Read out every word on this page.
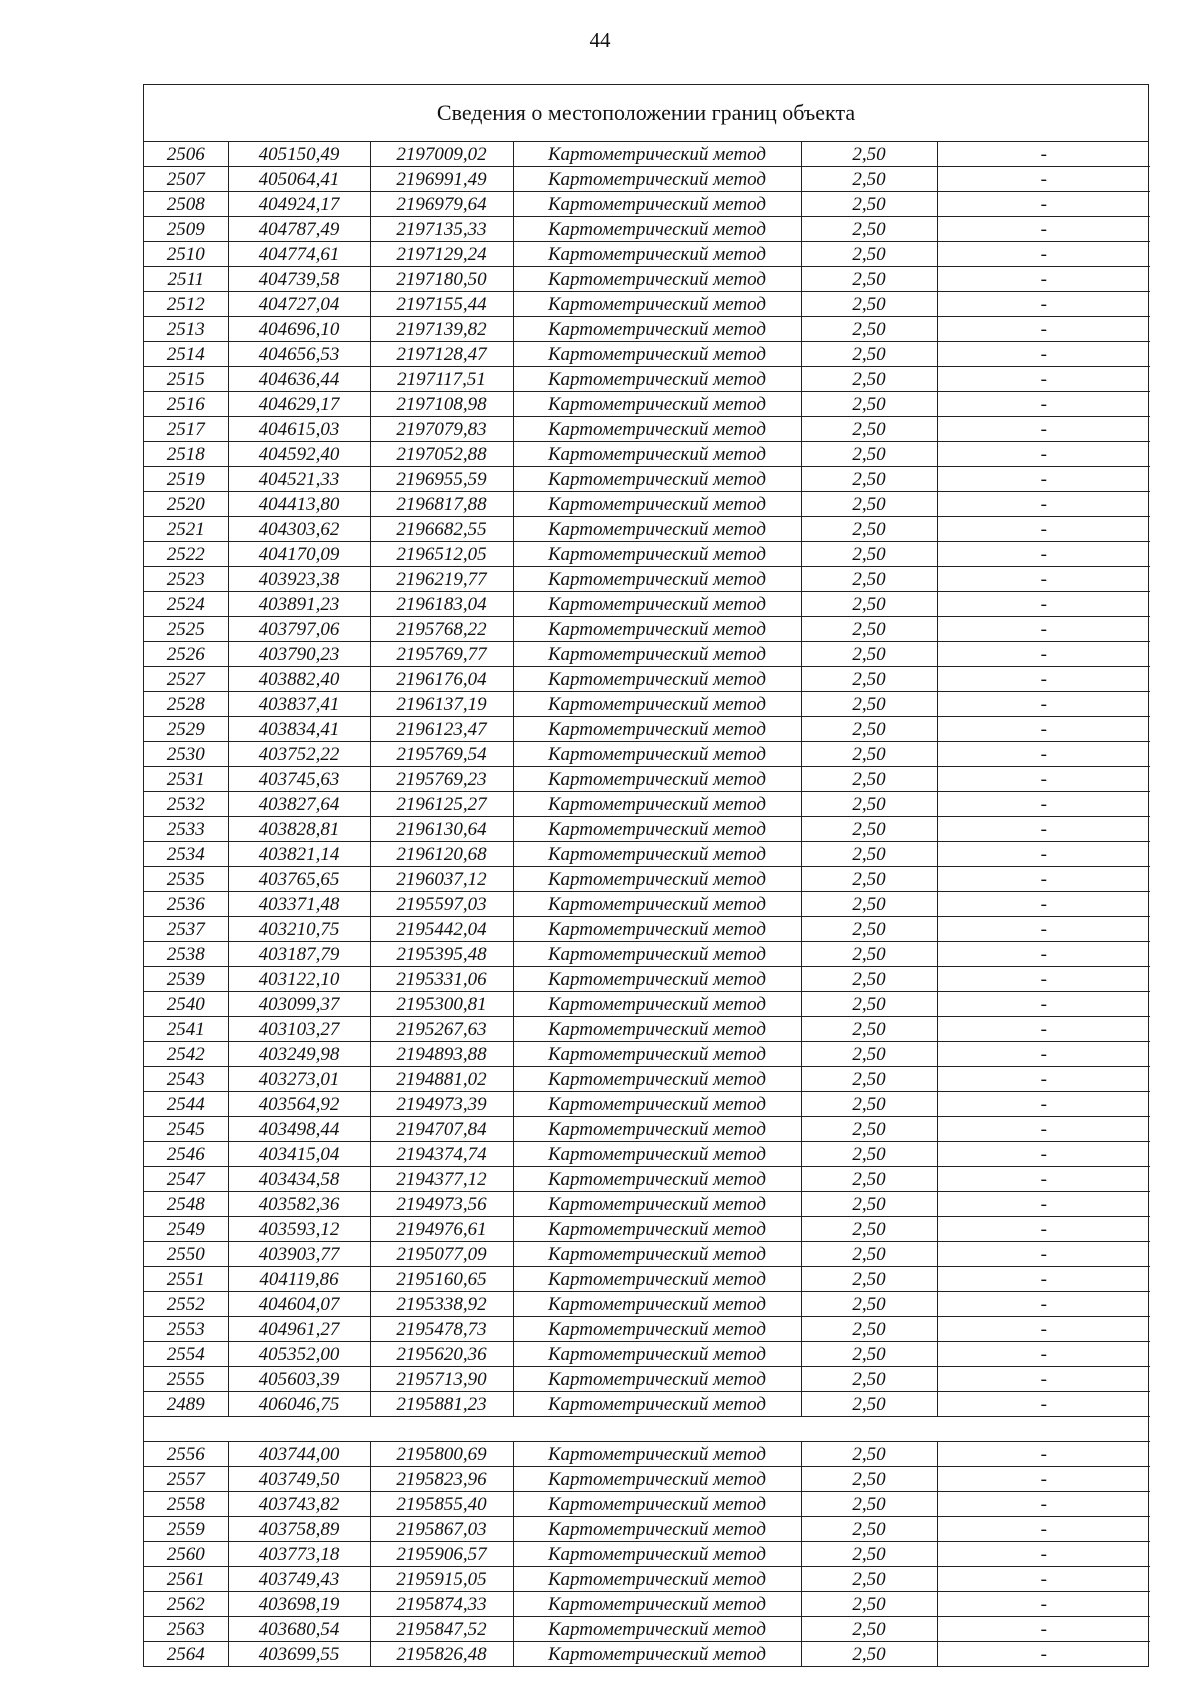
44
Сведения о местоположении границ объекта
2506	405150,49	2197009,02	Картометрический метод	2,50	-
2507	405064,41	2196991,49	Картометрический метод	2,50	-
2508	404924,17	2196979,64	Картометрический метод	2,50	-
2509	404787,49	2197135,33	Картометрический метод	2,50	-
2510	404774,61	2197129,24	Картометрический метод	2,50	-
2511	404739,58	2197180,50	Картометрический метод	2,50	-
2512	404727,04	2197155,44	Картометрический метод	2,50	-
2513	404696,10	2197139,82	Картометрический метод	2,50	-
2514	404656,53	2197128,47	Картометрический метод	2,50	-
2515	404636,44	2197117,51	Картометрический метод	2,50	-
2516	404629,17	2197108,98	Картометрический метод	2,50	-
2517	404615,03	2197079,83	Картометрический метод	2,50	-
2518	404592,40	2197052,88	Картометрический метод	2,50	-
2519	404521,33	2196955,59	Картометрический метод	2,50	-
2520	404413,80	2196817,88	Картометрический метод	2,50	-
2521	404303,62	2196682,55	Картометрический метод	2,50	-
2522	404170,09	2196512,05	Картометрический метод	2,50	-
2523	403923,38	2196219,77	Картометрический метод	2,50	-
2524	403891,23	2196183,04	Картометрический метод	2,50	-
2525	403797,06	2195768,22	Картометрический метод	2,50	-
2526	403790,23	2195769,77	Картометрический метод	2,50	-
2527	403882,40	2196176,04	Картометрический метод	2,50	-
2528	403837,41	2196137,19	Картометрический метод	2,50	-
2529	403834,41	2196123,47	Картометрический метод	2,50	-
2530	403752,22	2195769,54	Картометрический метод	2,50	-
2531	403745,63	2195769,23	Картометрический метод	2,50	-
2532	403827,64	2196125,27	Картометрический метод	2,50	-
2533	403828,81	2196130,64	Картометрический метод	2,50	-
2534	403821,14	2196120,68	Картометрический метод	2,50	-
2535	403765,65	2196037,12	Картометрический метод	2,50	-
2536	403371,48	2195597,03	Картометрический метод	2,50	-
2537	403210,75	2195442,04	Картометрический метод	2,50	-
2538	403187,79	2195395,48	Картометрический метод	2,50	-
2539	403122,10	2195331,06	Картометрический метод	2,50	-
2540	403099,37	2195300,81	Картометрический метод	2,50	-
2541	403103,27	2195267,63	Картометрический метод	2,50	-
2542	403249,98	2194893,88	Картометрический метод	2,50	-
2543	403273,01	2194881,02	Картометрический метод	2,50	-
2544	403564,92	2194973,39	Картометрический метод	2,50	-
2545	403498,44	2194707,84	Картометрический метод	2,50	-
2546	403415,04	2194374,74	Картометрический метод	2,50	-
2547	403434,58	2194377,12	Картометрический метод	2,50	-
2548	403582,36	2194973,56	Картометрический метод	2,50	-
2549	403593,12	2194976,61	Картометрический метод	2,50	-
2550	403903,77	2195077,09	Картометрический метод	2,50	-
2551	404119,86	2195160,65	Картометрический метод	2,50	-
2552	404604,07	2195338,92	Картометрический метод	2,50	-
2553	404961,27	2195478,73	Картометрический метод	2,50	-
2554	405352,00	2195620,36	Картометрический метод	2,50	-
2555	405603,39	2195713,90	Картометрический метод	2,50	-
2489	406046,75	2195881,23	Картометрический метод	2,50	-

2556	403744,00	2195800,69	Картометрический метод	2,50	-
2557	403749,50	2195823,96	Картометрический метод	2,50	-
2558	403743,82	2195855,40	Картометрический метод	2,50	-
2559	403758,89	2195867,03	Картометрический метод	2,50	-
2560	403773,18	2195906,57	Картометрический метод	2,50	-
2561	403749,43	2195915,05	Картометрический метод	2,50	-
2562	403698,19	2195874,33	Картометрический метод	2,50	-
2563	403680,54	2195847,52	Картометрический метод	2,50	-
2564	403699,55	2195826,48	Картометрический метод	2,50	-
